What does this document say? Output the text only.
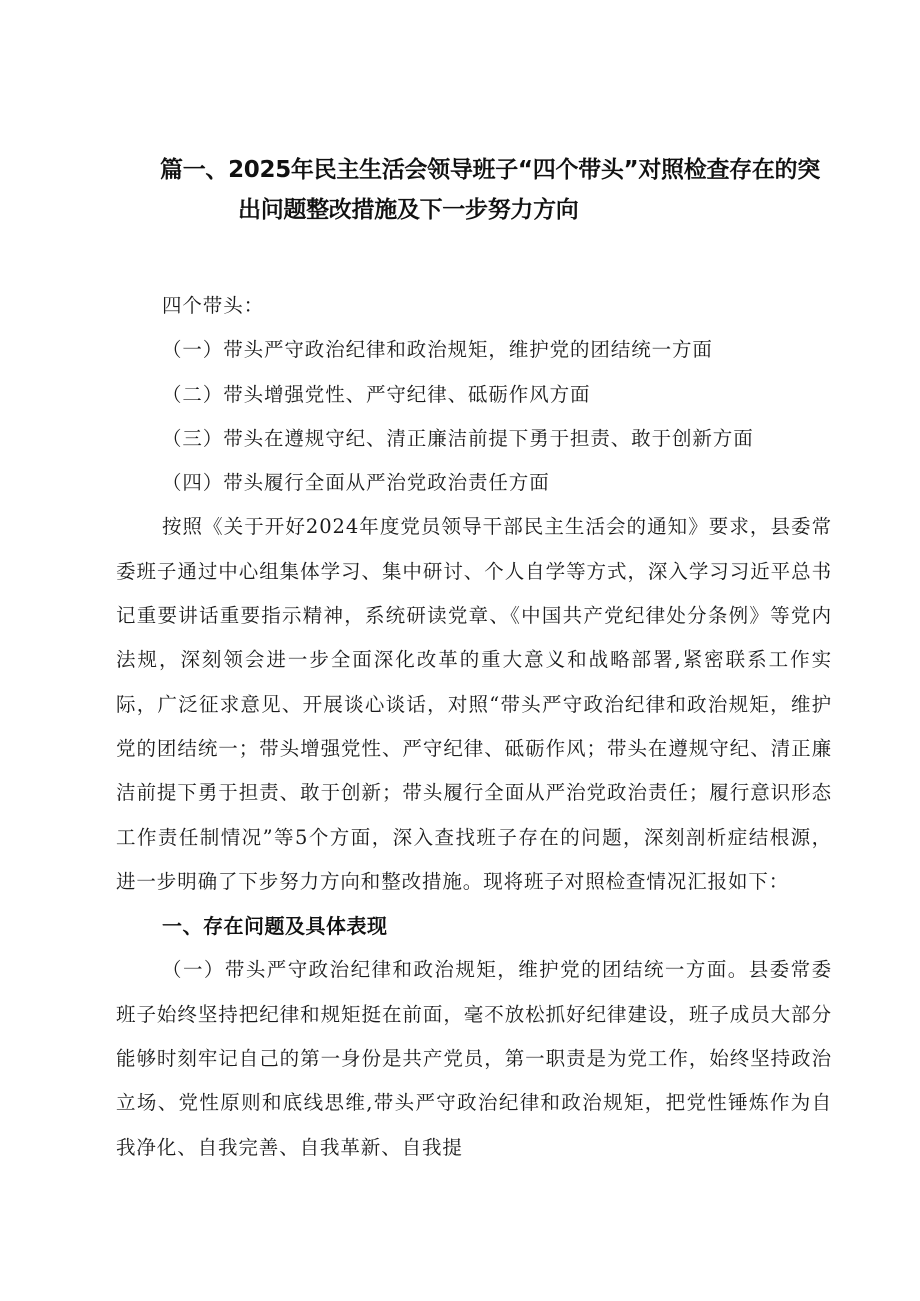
篇一、2025年民主生活会领导班子“四个带头”对照检查存在的突
出问题整改措施及下一步努力方向
四个带头：
（一）带头严守政治纪律和政治规矩，维护党的团结统一方面
（二）带头增强党性、严守纪律、砥砺作风方面
（三）带头在遵规守纪、清正廉洁前提下勇于担责、敢于创新方面
（四）带头履行全面从严治党政治责任方面

按照《关于开好2024年度党员领导干部民主生活会的通知》要求，县委常委班子通过中心组集体学习、集中研讨、个人自学等方式，深入学习习近平总书记重要讲话重要指示精神，系统研读党章、《中国共产党纪律处分条例》等党内法规，深刻领会进一步全面深化改革的重大意义和战略部署,紧密联系工作实际，广泛征求意见、开展谈心谈话，对照“带头严守政治纪律和政治规矩，维护党的团结统一；带头增强党性、严守纪律、砥砺作风；带头在遵规守纪、清正廉洁前提下勇于担责、敢于创新；带头履行全面从严治党政治责任；履行意识形态工作责任制情况”等5个方面，深入查找班子存在的问题，深刻剖析症结根源，进一步明确了下步努力方向和整改措施。现将班子对照检查情况汇报如下：

一、存在问题及具体表现

（一）带头严守政治纪律和政治规矩，维护党的团结统一方面。县委常委班子始终坚持把纪律和规矩挺在前面，毫不放松抓好纪律建设，班子成员大部分能够时刻牢记自己的第一身份是共产党员，第一职责是为党工作，始终坚持政治立场、党性原则和底线思维,带头严守政治纪律和政治规矩，把党性锤炼作为自我净化、自我完善、自我革新、自我提
